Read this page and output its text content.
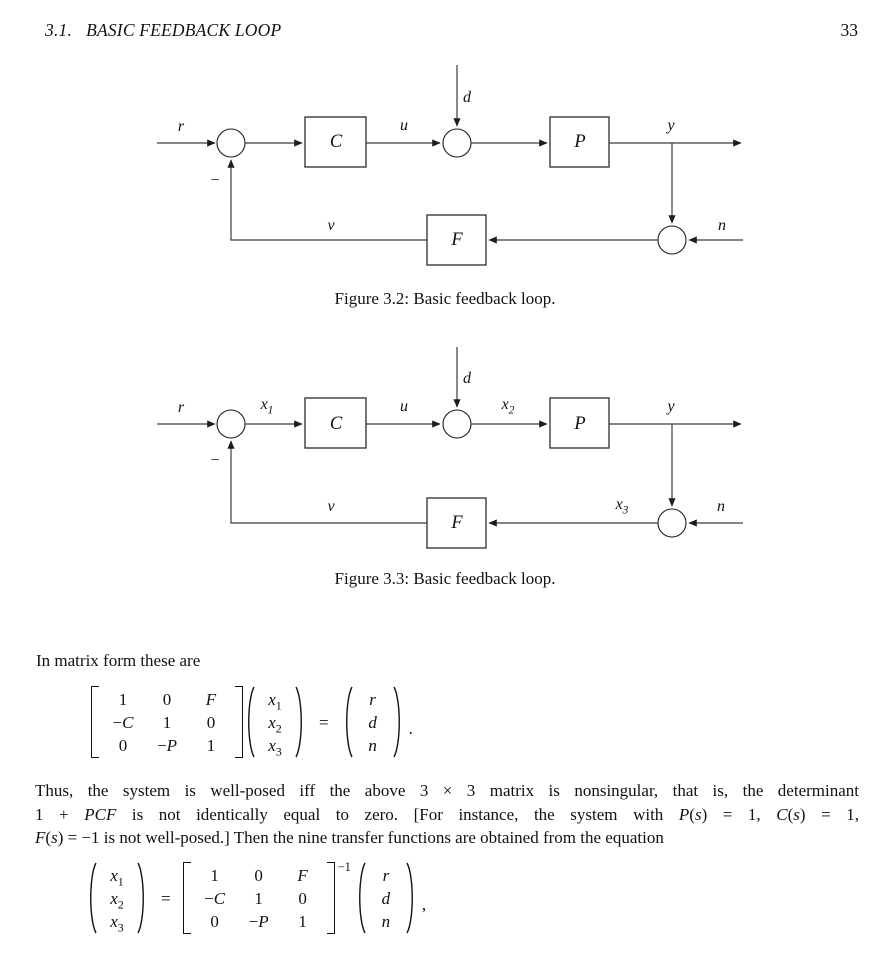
3.1. BASIC FEEDBACK LOOP	33
r
−
u
d
y
n
v
C	P
F
Figure 3.2: Basic feedback loop.
r	$x_1$
−
u
d
$x_2$	y
$x_3$	n
v
C	P
F
Figure 3.3: Basic feedback loop.
In matrix form these are
1 0 F
−C 1 0
0 −P 1
$x_1$
$x_2$
$x_3$
=
r
d
n
.
Thus, the system is well-posed iff the above 3 × 3 matrix is nonsingular, that is, the determinant
1 + PCF is not identically equal to zero. [For instance, the system with P(s) = 1, C(s) = 1,
F(s) = −1 is not well-posed.] Then the nine transfer functions are obtained from the equation
$x_1$
$x_2$
$x_3$
=
1 0 F
−C 1 0
0 −P 1
−1 r
d
n
,
